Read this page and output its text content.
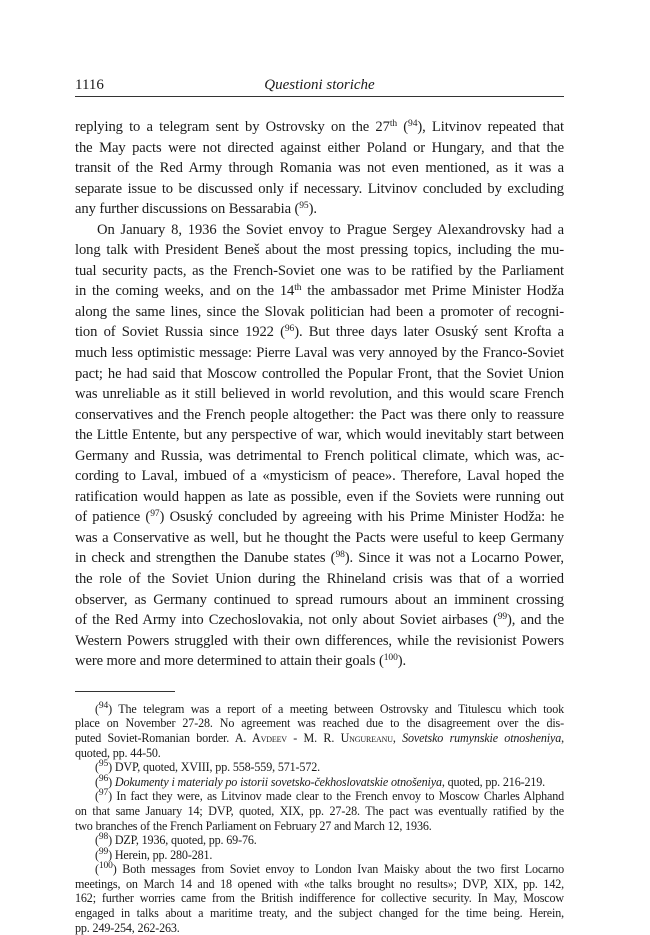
1116	Questioni storiche

replying to a telegram sent by Ostrovsky on the 27th ($^{94}$), Litvinov repeated that
the May pacts were not directed against either Poland or Hungary, and that the
transit of the Red Army through Romania was not even mentioned, as it was a
separate issue to be discussed only if necessary. Litvinov concluded by excluding
any further discussions on Bessarabia ($^{95}$).

On January 8, 1936 the Soviet envoy to Prague Sergey Alexandrovsky had a
long talk with President Beneš about the most pressing topics, including the mu-
tual security pacts, as the French-Soviet one was to be ratified by the Parliament
in the coming weeks, and on the 14th the ambassador met Prime Minister Hodža
along the same lines, since the Slovak politician had been a promoter of recogni-
tion of Soviet Russia since 1922 ($^{96}$). But three days later Osuský sent Krofta a
much less optimistic message: Pierre Laval was very annoyed by the Franco-Soviet
pact; he had said that Moscow controlled the Popular Front, that the Soviet Union
was unreliable as it still believed in world revolution, and this would scare French
conservatives and the French people altogether: the Pact was there only to reassure
the Little Entente, but any perspective of war, which would inevitably start between
Germany and Russia, was detrimental to French political climate, which was, ac-
cording to Laval, imbued of a «mysticism of peace». Therefore, Laval hoped the
ratification would happen as late as possible, even if the Soviets were running out
of patience ($^{97}$) Osuský concluded by agreeing with his Prime Minister Hodža: he
was a Conservative as well, but he thought the Pacts were useful to keep Germany
in check and strengthen the Danube states ($^{98}$). Since it was not a Locarno Power,
the role of the Soviet Union during the Rhineland crisis was that of a worried
observer, as Germany continued to spread rumours about an imminent crossing
of the Red Army into Czechoslovakia, not only about Soviet airbases ($^{99}$), and the
Western Powers struggled with their own differences, while the revisionist Powers
were more and more determined to attain their goals ($^{100}$).

($^{94}$) The telegram was a report of a meeting between Ostrovsky and Titulescu which took
place on November 27-28. No agreement was reached due to the disagreement over the dis-
puted Soviet-Romanian border. A. Avdeev - M. R. Ungureanu, Sovetsko rumynskie otnosheniya,
quoted, pp. 44-50.
($^{95}$) DVP, quoted, XVIII, pp. 558-559, 571-572.
($^{96}$) Dokumenty i materialy po istorii sovetsko-čekhoslovatskie otnošeniya, quoted, pp. 216-219.
($^{97}$) In fact they were, as Litvinov made clear to the French envoy to Moscow Charles Alphand
on that same January 14; DVP, quoted, XIX, pp. 27-28. The pact was eventually ratified by the
two branches of the French Parliament on February 27 and March 12, 1936.
($^{98}$) DZP, 1936, quoted, pp. 69-76.
($^{99}$) Herein, pp. 280-281.
($^{100}$) Both messages from Soviet envoy to London Ivan Maisky about the two first Locarno
meetings, on March 14 and 18 opened with «the talks brought no results»; DVP, XIX, pp. 142,
162; further worries came from the British indifference for collective security. In May, Moscow
engaged in talks about a maritime treaty, and the subject changed for the time being. Herein,
pp. 249-254, 262-263.
